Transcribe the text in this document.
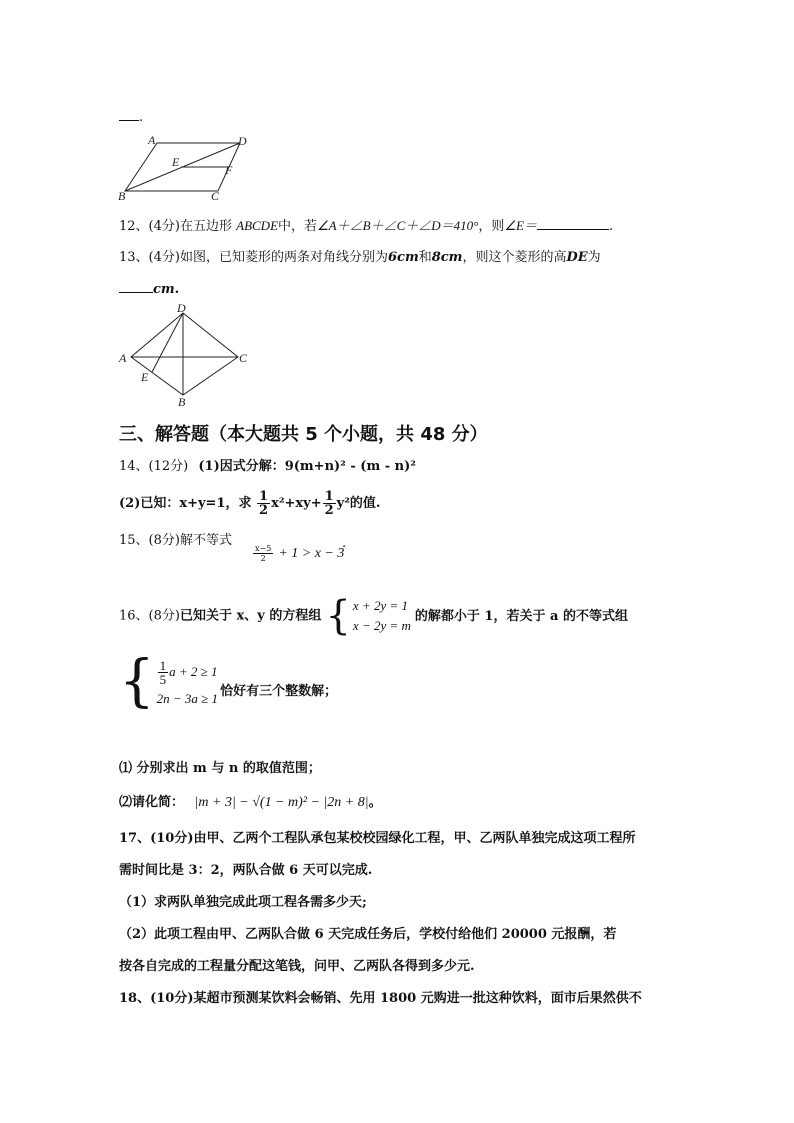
.
A	D
E
F
B	C
12、(4分)在五边形 ABCDE中，若∠A＋∠B＋∠C＋∠D＝410°，则∠E＝	.
13、(4分)如图，已知菱形的两条对角线分别为6cm和8cm，则这个菱形的高DE为
cm.
D
A	C
E
B
三、解答题（本大题共 5 个小题，共 48 分）
14、(12分) (1)因式分解：9(m+n)² - (m - n)²
(2)已知：x+y=1，求 $\frac{1}{2} x^2+xy+ \frac{1}{2} y^2$的值.
15、(8分)解不等式
$\frac{x-5}{2} + 1 > x - 3$
.
16、(8分)已知关于 x、y 的方程组 { x + 2y = 1
x − 2y = m
的解都小于 1，若关于 a 的不等式组
{ $\frac{1}{5}$ a + 2 ≥ 1
2n − 3a ≥ 1 恰好有三个整数解；
⑴ 分别求出 m 与 n 的取值范围；
⑵请化简： |m + 3| − √(1 − m)² − |2n + 8|。
17、(10分)由甲、乙两个工程队承包某校校园绿化工程，甲、乙两队单独完成这项工程所
需时间比是 3：2，两队合做 6 天可以完成.
（1）求两队单独完成此项工程各需多少天;
（2）此项工程由甲、乙两队合做 6 天完成任务后，学校付给他们 20000 元报酬，若
按各自完成的工程量分配这笔钱，问甲、乙两队各得到多少元.
18、(10分)某超市预测某饮料会畅销、先用 1800 元购进一批这种饮料，面市后果然供不
